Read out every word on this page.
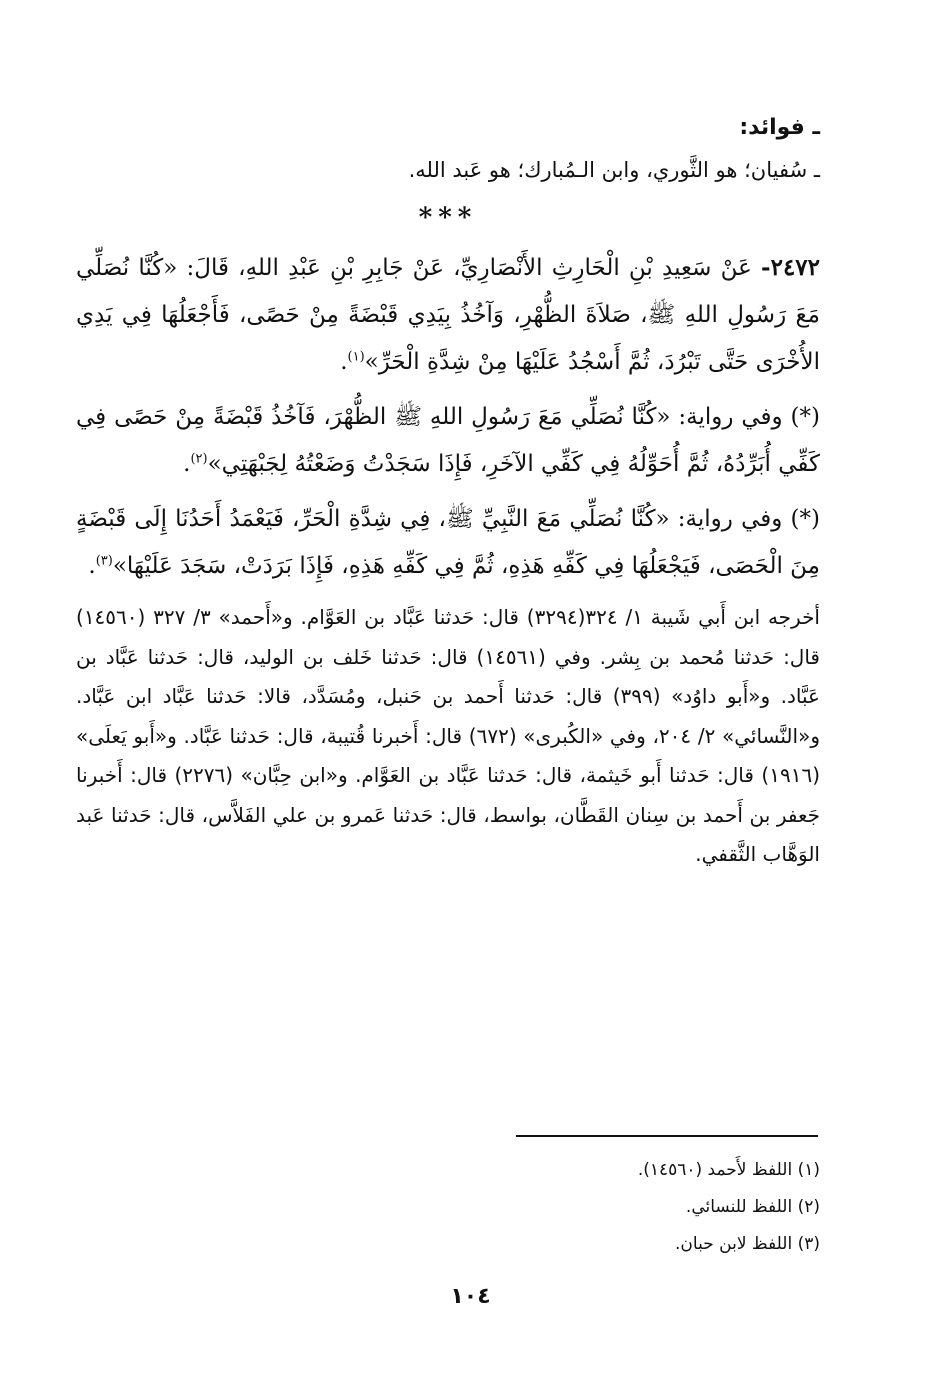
ـ فوائد:
ـ سُفيان؛ هو الثَّوري، وابن الـمُبارك؛ هو عَبد الله.
***

٢٤٧٢- عَنْ سَعِيدِ بْنِ الْحَارِثِ الأَنْصَارِيِّ، عَنْ جَابِرِ بْنِ عَبْدِ اللهِ، قَالَ: «كُنَّا نُصَلِّي مَعَ رَسُولِ اللهِ ﷺ، صَلاَةَ الظُّهْرِ، وَآخُذُ بِيَدِي قَبْضَةً مِنْ حَصًى، فَأَجْعَلُهَا فِي يَدِي الأُخْرَى حَتَّى تَبْرُدَ، ثُمَّ أَسْجُدُ عَلَيْهَا مِنْ شِدَّةِ الْحَرِّ»$^{(١)}$.

(*) وفي رواية: «كُنَّا نُصَلِّي مَعَ رَسُولِ اللهِ ﷺ الظُّهْرَ، فَآخُذُ قَبْضَةً مِنْ حَصًى فِي كَفِّي أُبَرِّدُهُ، ثُمَّ أُحَوِّلُهُ فِي كَفِّي الآخَرِ، فَإِذَا سَجَدْتُ وَضَعْتُهُ لِجَبْهَتِي»$^{(٢)}$.

(*) وفي رواية: «كُنَّا نُصَلِّي مَعَ النَّبِيِّ ﷺ، فِي شِدَّةِ الْحَرِّ، فَيَعْمَدُ أَحَدُنَا إِلَى قَبْضَةٍ مِنَ الْحَصَى، فَيَجْعَلُهَا فِي كَفِّهِ هَذِهِ، ثُمَّ فِي كَفِّهِ هَذِهِ، فَإِذَا بَرَدَتْ، سَجَدَ عَلَيْهَا»$^{(٣)}$.

أخرجه ابن أَبي شَيبة ١/ ٣٢٤(٣٢٩٤) قال: حَدثنا عَبَّاد بن العَوَّام. و«أَحمد» ٣/ ٣٢٧ (١٤٥٦٠) قال: حَدثنا مُحمد بن بِشر. وفي (١٤٥٦١) قال: حَدثنا خَلف بن الوليد، قال: حَدثنا عَبَّاد بن عَبَّاد. و«أَبو داوُد» (٣٩٩) قال: حَدثنا أَحمد بن حَنبل، ومُسَدَّد، قالا: حَدثنا عَبَّاد ابن عَبَّاد. و«النَّسائي» ٢/ ٢٠٤، وفي «الكُبرى» (٦٧٢) قال: أَخبرنا قُتيبة، قال: حَدثنا عَبَّاد. و«أَبو يَعلَى» (١٩١٦) قال: حَدثنا أَبو خَيثمة، قال: حَدثنا عَبَّاد بن العَوَّام. و«ابن حِبَّان» (٢٢٧٦) قال: أَخبرنا جَعفر بن أَحمد بن سِنان القَطَّان، بواسط، قال: حَدثنا عَمرو بن علي الفَلاَّس، قال: حَدثنا عَبد الوَهَّاب الثَّقفي.

(١) اللفظ لأَحمد (١٤٥٦٠).
(٢) اللفظ للنسائي.
(٣) اللفظ لابن حبان.
١٠٤
